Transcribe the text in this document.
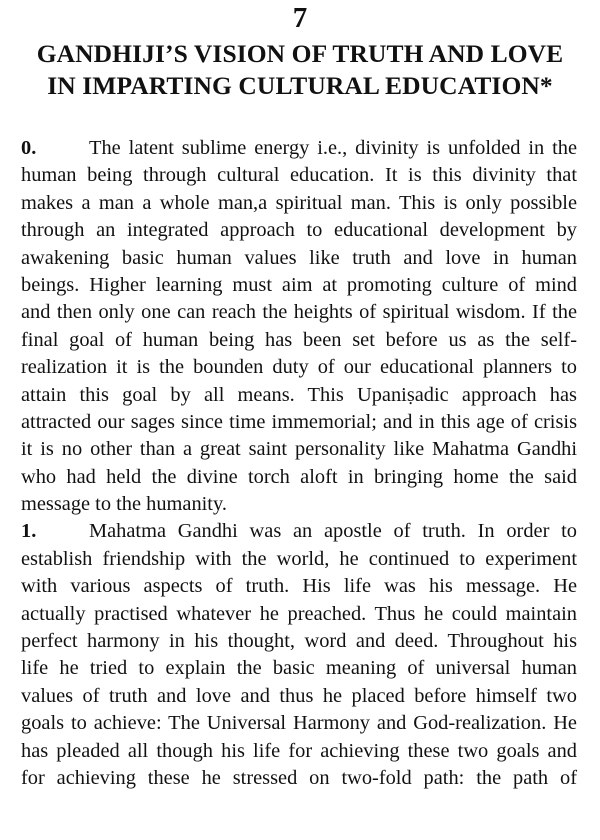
7
GANDHIJI’S VISION OF TRUTH AND LOVE
IN IMPARTING CULTURAL EDUCATION*
0.	The latent sublime energy i.e., divinity is unfolded in the
human being through cultural education. It is this divinity that
makes a man a whole man,a spiritual man. This is only possible
through an integrated approach to educational development by
awakening basic human values like truth and love in human
beings. Higher learning must aim at promoting culture of mind
and then only one can reach the heights of spiritual wisdom. If the
final goal of human being has been set before us as the self-
realization it is the bounden duty of our educational planners to
attain this goal by all means. This Upaniṣadic approach has
attracted our sages since time immemorial; and in this age of crisis
it is no other than a great saint personality like Mahatma Gandhi
who had held the divine torch aloft in bringing home the said
message to the humanity.
1.	Mahatma Gandhi was an apostle of truth. In order to
establish friendship with the world, he continued to experiment
with various aspects of truth. His life was his message. He
actually practised whatever he preached. Thus he could maintain
perfect harmony in his thought, word and deed. Throughout his
life he tried to explain the basic meaning of universal human
values of truth and love and thus he placed before himself two
goals to achieve: The Universal Harmony and God-realization. He
has pleaded all though his life for achieving these two goals and
for achieving these he stressed on two-fold path: the path of
